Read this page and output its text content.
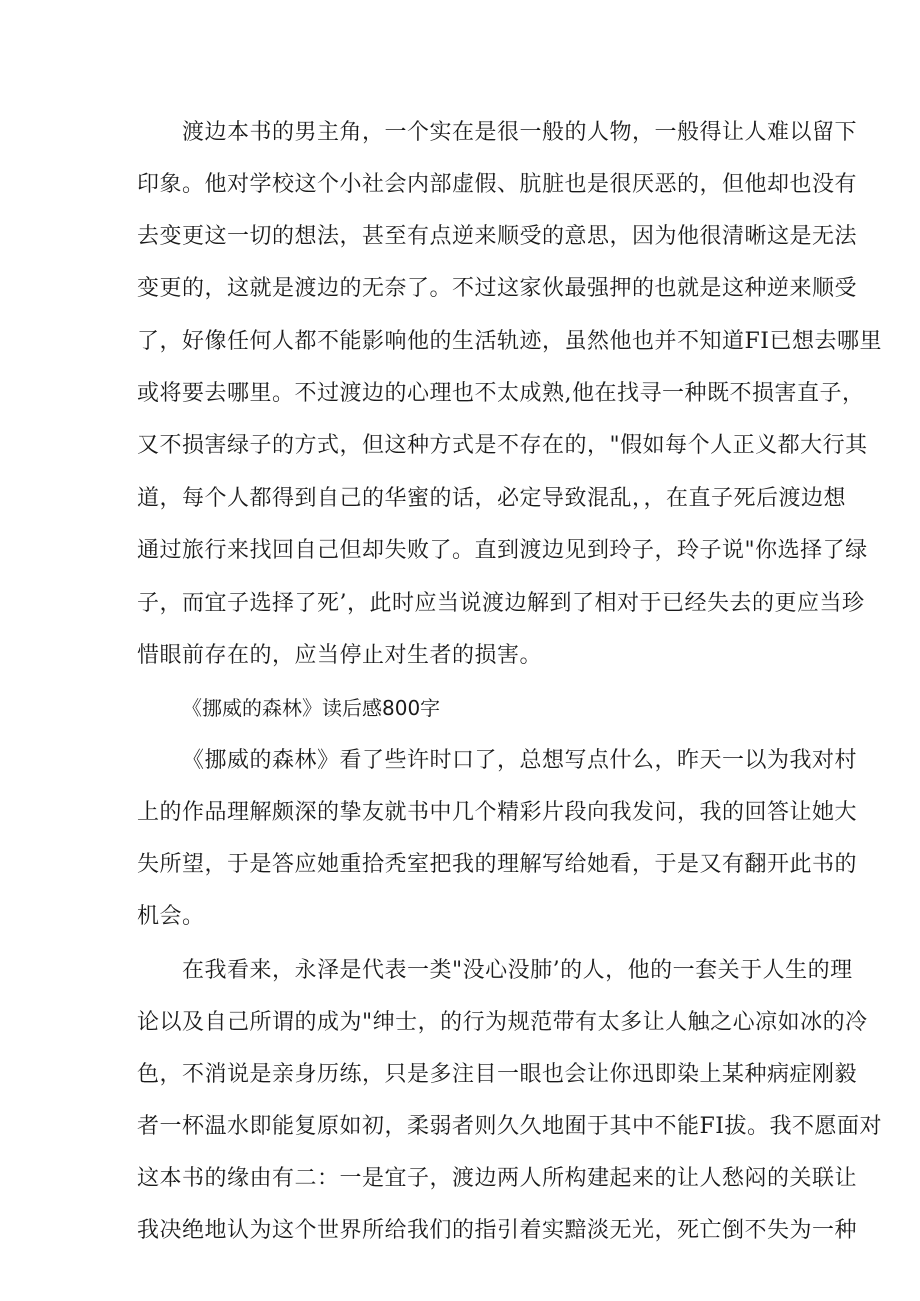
渡边本书的男主角，一个实在是很一般的人物，一般得让人难以留下
印象。他对学校这个小社会内部虚假、肮脏也是很厌恶的，但他却也没有
去变更这一切的想法，甚至有点逆来顺受的意思，因为他很清晰这是无法
变更的，这就是渡边的无奈了。不过这家伙最强押的也就是这种逆来顺受
了，好像任何人都不能影响他的生活轨迹，虽然他也并不知道FI已想去哪里
或将要去哪里。不过渡边的心理也不太成熟,他在找寻一种既不损害直子，
又不损害绿子的方式，但这种方式是不存在的，"假如每个人正义都大行其
道，每个人都得到自己的华蜜的话，必定导致混乱，，在直子死后渡边想
通过旅行来找回自己但却失败了。直到渡边见到玲子，玲子说"你选择了绿
子，而宜子选择了死’，此时应当说渡边解到了相对于已经失去的更应当珍
惜眼前存在的，应当停止对生者的损害。
《挪威的森林》读后感800字
《挪威的森林》看了些许时口了，总想写点什么，昨天一以为我对村
上的作品理解颇深的挚友就书中几个精彩片段向我发问，我的回答让她大
失所望，于是答应她重拾秃室把我的理解写给她看，于是又有翻开此书的
机会。
在我看来，永泽是代表一类"没心没肺’的人，他的一套关于人生的理
论以及自己所谓的成为"绅士，的行为规范带有太多让人触之心凉如冰的冷
色，不消说是亲身历练，只是多注目一眼也会让你迅即染上某种病症刚毅
者一杯温水即能复原如初，柔弱者则久久地囿于其中不能FI拔。我不愿面对
这本书的缘由有二：一是宜子，渡边两人所构建起来的让人愁闷的关联让
我决绝地认为这个世界所给我们的指引着实黯淡无光，死亡倒不失为一种
